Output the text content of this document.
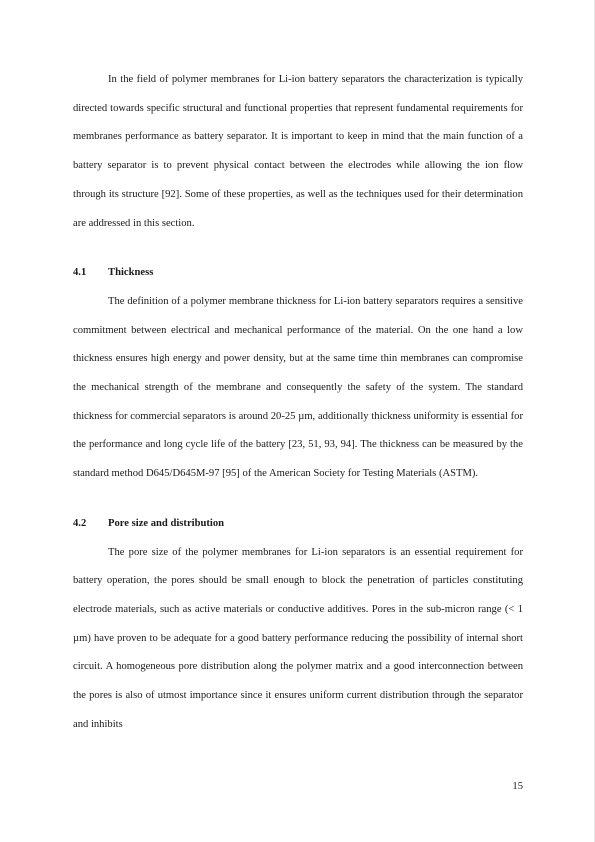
In the field of polymer membranes for Li-ion battery separators the characterization is typically directed towards specific structural and functional properties that represent fundamental requirements for membranes performance as battery separator. It is important to keep in mind that the main function of a battery separator is to prevent physical contact between the electrodes while allowing the ion flow through its structure [92]. Some of these properties, as well as the techniques used for their determination are addressed in this section.

4.1	Thickness

The definition of a polymer membrane thickness for Li-ion battery separators requires a sensitive commitment between electrical and mechanical performance of the material. On the one hand a low thickness ensures high energy and power density, but at the same time thin membranes can compromise the mechanical strength of the membrane and consequently the safety of the system. The standard thickness for commercial separators is around 20-25 µm, additionally thickness uniformity is essential for the performance and long cycle life of the battery [23, 51, 93, 94]. The thickness can be measured by the standard method D645/D645M-97 [95] of the American Society for Testing Materials (ASTM).

4.2	Pore size and distribution

The pore size of the polymer membranes for Li-ion separators is an essential requirement for battery operation, the pores should be small enough to block the penetration of particles constituting electrode materials, such as active materials or conductive additives. Pores in the sub-micron range (< 1 µm) have proven to be adequate for a good battery performance reducing the possibility of internal short circuit. A homogeneous pore distribution along the polymer matrix and a good interconnection between the pores is also of utmost importance since it ensures uniform current distribution through the separator and inhibits

15
